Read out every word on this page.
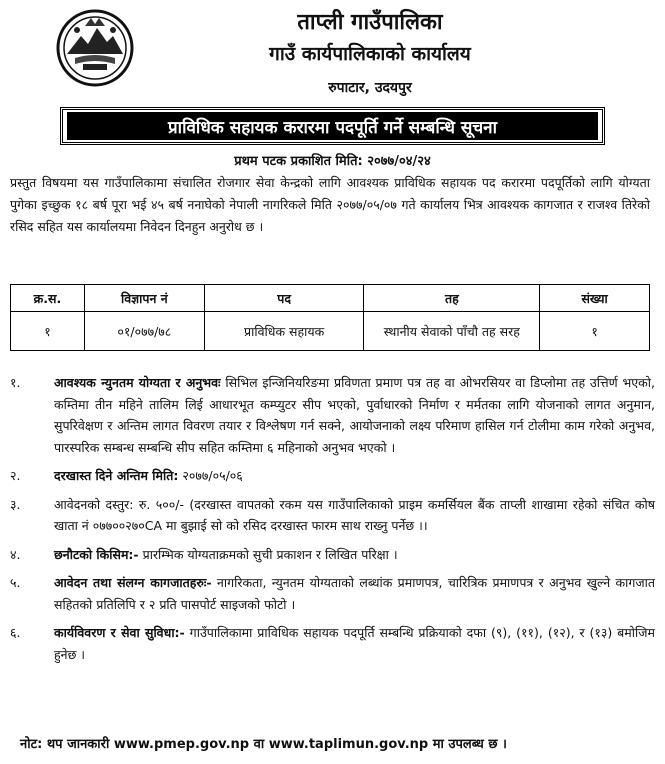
ताप्ली गाउँपालिका
गाउँ कार्यपालिकाको कार्यालय
रुपाटार, उदयपुर
प्राविधिक सहायक करारमा पदपूर्ति गर्ने सम्बन्धि सूचना
प्रथम पटक प्रकाशित मिति: २०७७/०४/२४
प्रस्तुत विषयमा यस गाउँपालिकामा संचालित रोजगार सेवा केन्द्रको लागि आवश्यक प्राविधिक सहायक पद करारमा पदपूर्तिको लागि योग्यता पुगेका इच्छुक १८ बर्ष पूरा भई ४५ बर्ष ननाघेको नेपाली नागरिकले मिति २०७७/०५/०७ गते कार्यालय भित्र आवश्यक कागजात र राजश्व तिरेको रसिद सहित यस कार्यालयमा निवेदन दिनहुन अनुरोध छ ।
क्र.स.	विज्ञापन नं	पद	तह	संख्या
१	०१/०७७/७८	प्राविधिक सहायक	स्थानीय सेवाको पाँचौ तह सरह	१
१.	आवश्यक न्युनतम योग्यता र अनुभवः सिभिल इन्जिनियरिङमा प्रविणता प्रमाण पत्र तह वा ओभरसियर वा डिप्लोमा तह उत्तिर्ण भएको, कम्तिमा तीन महिने तालिम लिई आधारभूत कम्प्युटर सीप भएको, पुर्वाधारको निर्माण र मर्मतका लागि योजनाको लागत अनुमान, सुपरिवेक्षण र अन्तिम लागत विवरण तयार र विश्लेषण गर्न सक्ने, आयोजनाको लक्ष्य परिमाण हासिल गर्न टोलीमा काम गरेको अनुभव, पारस्परिक सम्बन्ध सम्बन्धि सीप सहित कम्तिमा ६ महिनाको अनुभव भएको ।
२.	दरखास्त दिने अन्तिम मिति: २०७७/०५/०६
३.	आवेदनको दस्तुर: रु. ५००/- (दरखास्त वापतको रकम यस गाउँपालिकाको प्राइम कमर्सियल बैंक ताप्ली शाखामा रहेको संचित कोष खाता नं ०७७००२७०CA मा बुझाई सो को रसिद दरखास्त फारम साथ राख्नु पर्नेछ ।।
४.	छनौटको किसिम:- प्रारम्भिक योग्यताक्रमको सुची प्रकाशन र लिखित परिक्षा ।
५.	आवेदन तथा संलग्न कागजातहरुः- नागरिकता, न्युनतम योग्यताको लब्धांक प्रमाणपत्र, चारित्रिक प्रमाणपत्र र अनुभव खुल्ने कागजात सहितको प्रतिलिपि र २ प्रति पासपोर्ट साइजको फोटो ।
६.	कार्यविवरण र सेवा सुविधा:- गाउँपालिकामा प्राविधिक सहायक पदपूर्ति सम्बन्धि प्रक्रियाको दफा (९), (११), (१२), र (१३) बमोजिम हुनेछ ।
नोट: थप जानकारी www.pmep.gov.np वा www.taplimun.gov.np मा उपलब्ध छ ।
